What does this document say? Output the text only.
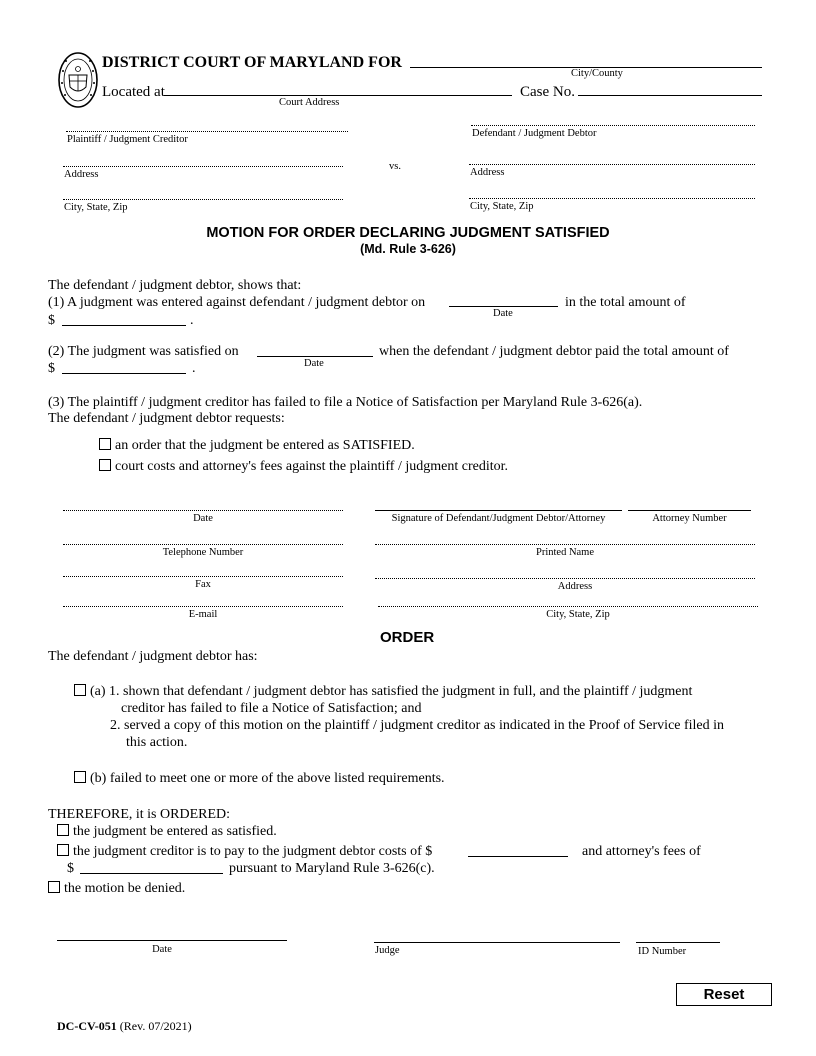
DISTRICT COURT OF MARYLAND FOR
City/County
Located at
Court Address
Case No.
Plaintiff / Judgment Creditor
Defendant / Judgment Debtor
Address
vs.
Address
City, State, Zip	City, State, Zip
MOTION FOR ORDER DECLARING JUDGMENT SATISFIED
(Md. Rule 3-626)
The defendant / judgment debtor, shows that:
(1) A judgment was entered against defendant / judgment debtor on
Date
in the total amount of
$	.
(2) The judgment was satisfied on
Date
when the defendant / judgment debtor paid the total amount of
$	.
(3) The plaintiff / judgment creditor has failed to file a Notice of Satisfaction per Maryland Rule 3-626(a).
The defendant / judgment debtor requests:
an order that the judgment be entered as SATISFIED.
court costs and attorney's fees against the plaintiff / judgment creditor.
Date	Signature of Defendant/Judgment Debtor/Attorney	Attorney Number
Telephone Number	Printed Name
Fax	Address
E-mail	City, State, Zip
ORDER
The defendant / judgment debtor has:
(a) 1. shown that defendant / judgment debtor has satisfied the judgment in full, and the plaintiff / judgment
creditor has failed to file a Notice of Satisfaction; and
2. served a copy of this motion on the plaintiff / judgment creditor as indicated in the Proof of Service filed in
this action.
(b) failed to meet one or more of the above listed requirements.
THEREFORE, it is ORDERED:
the judgment be entered as satisfied.
the judgment creditor is to pay to the judgment debtor costs of $	and attorney's fees of
$	pursuant to Maryland Rule 3-626(c).
the motion be denied.
Date	Judge	ID Number
Reset
DC-CV-051 (Rev. 07/2021)
